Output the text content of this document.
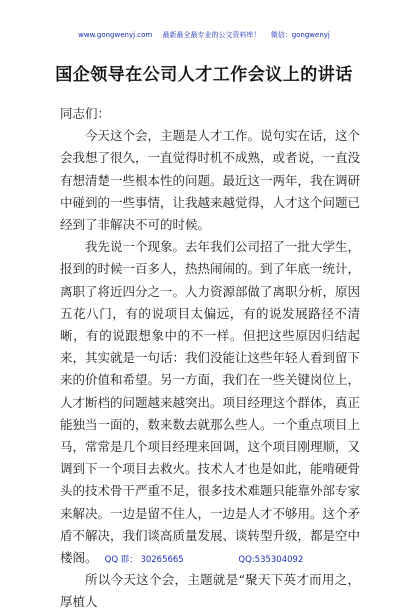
www.gongwenyj.com 最新最全最专业的公文资料库！ 微信：gongwenyj
国企领导在公司人才工作会议上的讲话

同志们：

今天这个会，主题是人才工作。说句实在话，这个会我想了很久，一直觉得时机不成熟，或者说，一直没有想清楚一些根本性的问题。最近这一两年，我在调研中碰到的一些事情，让我越来越觉得，人才这个问题已经到了非解决不可的时候。

我先说一个现象。去年我们公司招了一批大学生，报到的时候一百多人，热热闹闹的。到了年底一统计，离职了将近四分之一。人力资源部做了离职分析，原因五花八门，有的说项目太偏远，有的说发展路径不清晰，有的说跟想象中的不一样。但把这些原因归结起来，其实就是一句话：我们没能让这些年轻人看到留下来的价值和希望。另一方面，我们在一些关键岗位上，人才断档的问题越来越突出。项目经理这个群体，真正能独当一面的，数来数去就那么些人。一个重点项目上马，常常是几个项目经理来回调，这个项目刚理顺，又调到下一个项目去救火。技术人才也是如此，能啃硬骨头的技术骨干严重不足，很多技术难题只能靠外部专家来解决。一边是留不住人，一边是人才不够用。这个矛盾不解决，我们谈高质量发展、谈转型升级，都是空中楼阁。

所以今天这个会，主题就是“聚天下英才而用之，厚植人

QQ 群： 30265665	QQ:535304092
